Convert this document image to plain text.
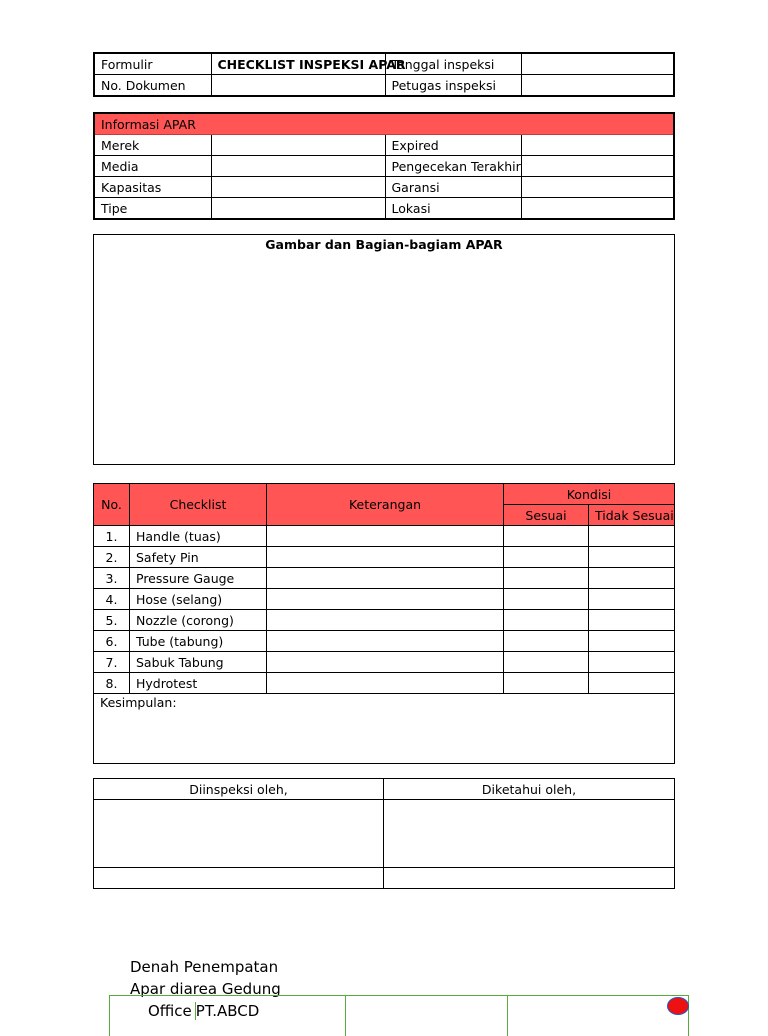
Formulir	CHECKLIST INSPEKSI APAR	Tanggal inspeksi	
No. Dokumen		Petugas inspeksi	
Informasi APAR			
Merek		Expired	
Media		Pengecekan Terakhir	
Kapasitas		Garansi	
Tipe		Lokasi	
Gambar dan Bagian-bagiam APAR
No.	Checklist	Keterangan	Kondisi	
			Sesuai	Tidak Sesuai
1.	Handle (tuas)			
2.	Safety Pin			
3.	Pressure Gauge			
4.	Hose (selang)			
5.	Nozzle (corong)			
6.	Tube (tabung)			
7.	Sabuk Tabung			
8.	Hydrotest			
Kesimpulan:				
Diinspeksi oleh,	Diketahui oleh,

Denah Penempatan
Apar diarea Gedung
Office PT.ABCD
